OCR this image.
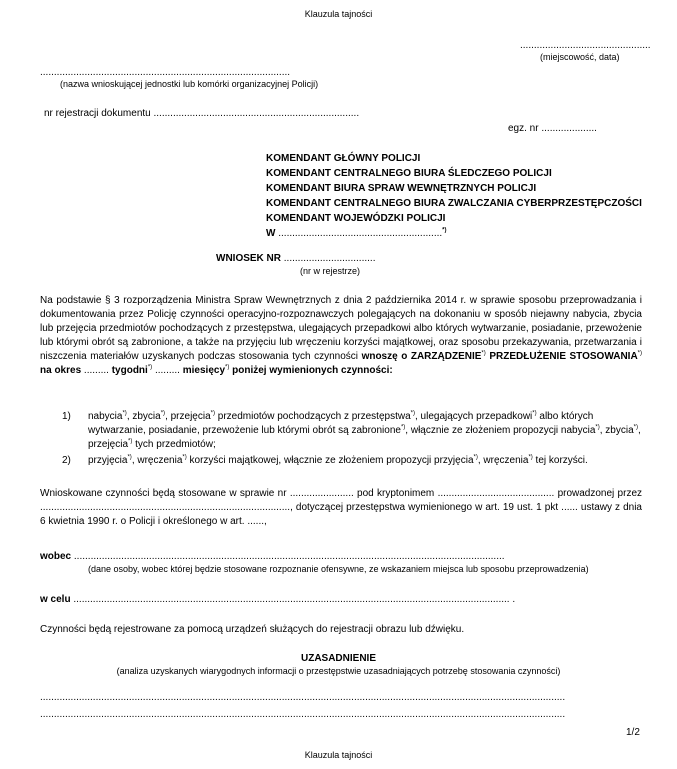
Klauzula tajności
...............................................
(miejscowość, data)
..........................................................................................
(nazwa wnioskującej jednostki lub komórki organizacyjnej Policji)
nr rejestracji dokumentu ..........................................................................
egz. nr ....................
KOMENDANT GŁÓWNY POLICJI
KOMENDANT CENTRALNEGO BIURA ŚLEDCZEGO POLICJI
KOMENDANT BIURA SPRAW WEWNĘTRZNYCH POLICJI
KOMENDANT CENTRALNEGO BIURA ZWALCZANIA CYBERPRZESTĘPCZOŚCI
KOMENDANT WOJEWÓDZKI POLICJI
W ...........................................................*)
WNIOSEK NR .................................
(nr w rejestrze)
Na podstawie § 3 rozporządzenia Ministra Spraw Wewnętrznych z dnia 2 października 2014 r. w sprawie sposobu przeprowadzania i dokumentowania przez Policję czynności operacyjno-rozpoznawczych polegających na dokonaniu w sposób niejawny nabycia, zbycia lub przejęcia przedmiotów pochodzących z przestępstwa, ulegających przepadkowi albo których wytwarzanie, posiadanie, przewożenie lub którymi obrót są zabronione, a także na przyjęciu lub wręczeniu korzyści majątkowej, oraz sposobu przekazywania, przetwarzania i niszczenia materiałów uzyskanych podczas stosowania tych czynności wnoszę o ZARZĄDZENIE*) PRZEDŁUŻENIE STOSOWANIA*) na okres ......... tygodni*) ......... miesięcy*) poniżej wymienionych czynności:
1)	nabycia*), zbycia*), przejęcia*) przedmiotów pochodzących z przestępstwa*), ulegających przepadkowi*) albo których wytwarzanie, posiadanie, przewożenie lub którymi obrót są zabronione*), włącznie ze złożeniem propozycji nabycia*), zbycia*), przejęcia*) tych przedmiotów;
2)	przyjęcia*), wręczenia*) korzyści majątkowej, włącznie ze złożeniem propozycji przyjęcia*), wręczenia*) tej korzyści.
Wnioskowane czynności będą stosowane w sprawie nr ....................... pod kryptonimem .......................................... prowadzonej przez .........................................................................................., dotyczącej przestępstwa wymienionego w art. 19 ust. 1 pkt ...... ustawy z dnia 6 kwietnia 1990 r. o Policji i określonego w art. ......,
wobec ...........................................................................................................................................................
(dane osoby, wobec której będzie stosowane rozpoznanie ofensywne, ze wskazaniem miejsca lub sposobu przeprowadzenia)
w celu ............................................................................................................................................................. .
Czynności będą rejestrowane za pomocą urządzeń służących do rejestracji obrazu lub dźwięku.
UZASADNIENIE
(analiza uzyskanych wiarygodnych informacji o przestępstwie uzasadniających potrzebę stosowania czynności)
.............................................................................................................................................................................................
.............................................................................................................................................................................................
1/2
Klauzula tajności
